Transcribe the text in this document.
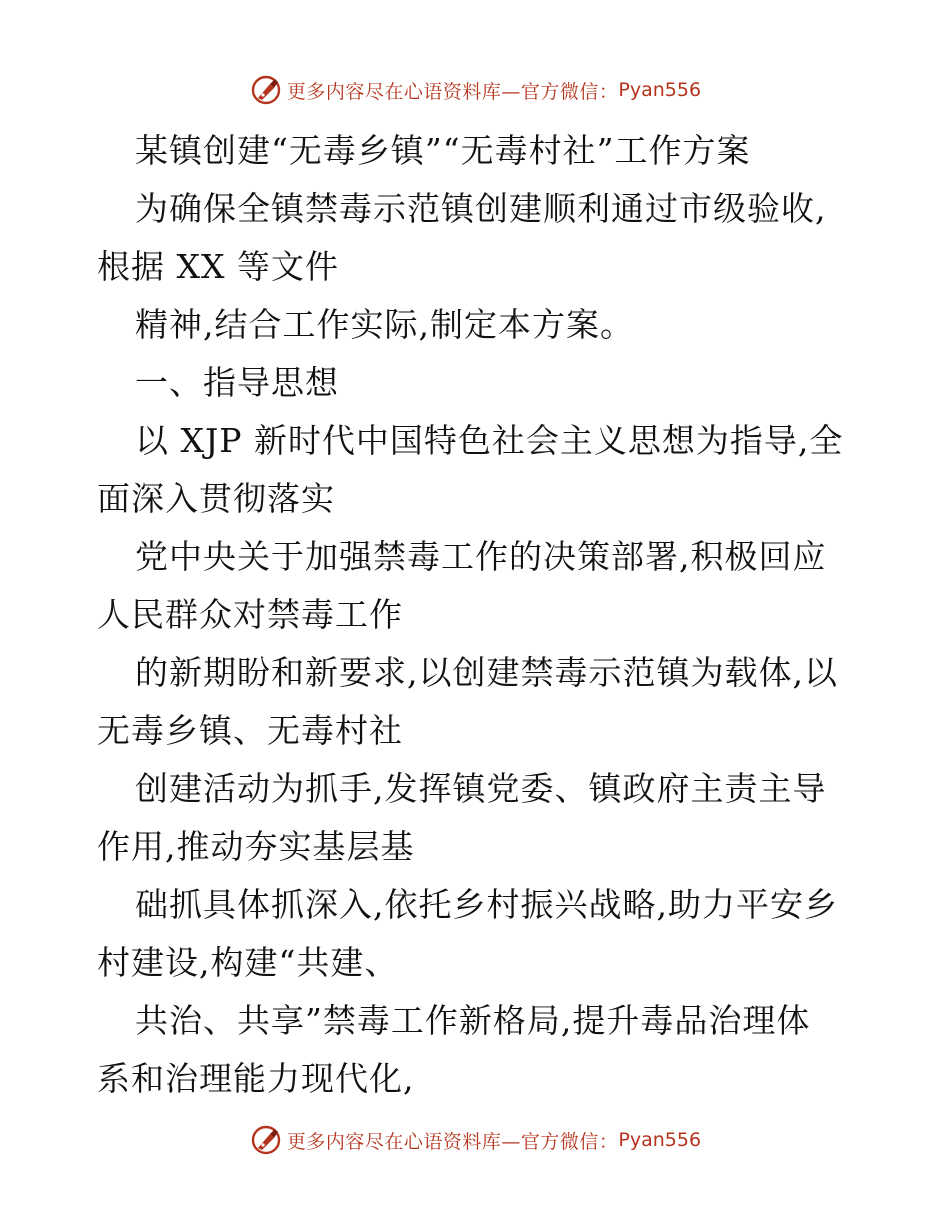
更多内容尽在心语资料库—官方微信： Pyan556
某镇创建“无毒乡镇”“无毒村社”工作方案
为确保全镇禁毒示范镇创建顺利通过市级验收,
根据 XX 等文件
精神,结合工作实际,制定本方案。
一、指导思想
以 XJP 新时代中国特色社会主义思想为指导,全
面深入贯彻落实
党中央关于加强禁毒工作的决策部署,积极回应
人民群众对禁毒工作
的新期盼和新要求,以创建禁毒示范镇为载体,以
无毒乡镇、无毒村社
创建活动为抓手,发挥镇党委、镇政府主责主导
作用,推动夯实基层基
础抓具体抓深入,依托乡村振兴战略,助力平安乡
村建设,构建“共建、
共治、共享”禁毒工作新格局,提升毒品治理体
系和治理能力现代化,
更多内容尽在心语资料库—官方微信： Pyan556
